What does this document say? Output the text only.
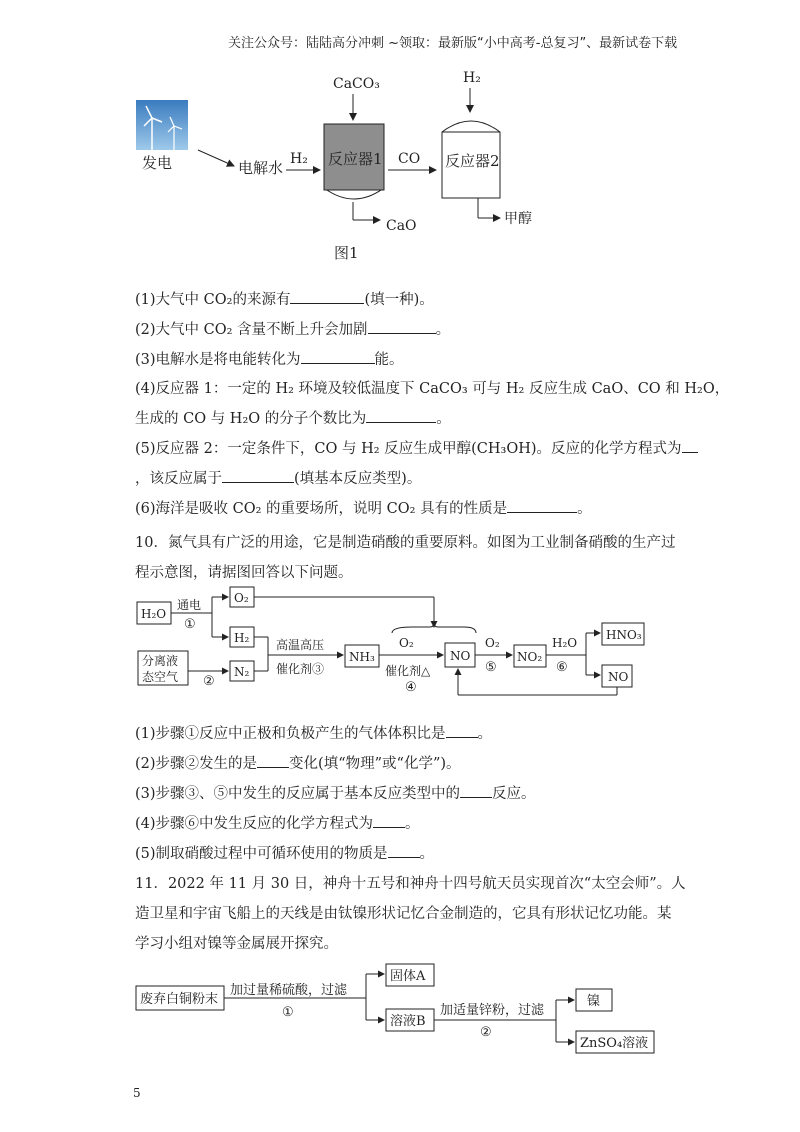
关注公众号：陆陆高分冲刺 ~领取：最新版“小中高考-总复习”、最新试卷下载
发电	电解水 H₂
CaCO₃
反应器1
CaO
CO
H₂
反应器2
甲醇
图1
(1)大气中 CO₂的来源有	(填一种)。
(2)大气中 CO₂ 含量不断上升会加剧	。
(3)电解水是将电能转化为	能。
(4)反应器 1：一定的 H₂ 环境及较低温度下 CaCO₃ 可与 H₂ 反应生成 CaO、CO 和 H₂O，
生成的 CO 与 H₂O 的分子个数比为	。
(5)反应器 2：一定条件下，CO 与 H₂ 反应生成甲醇(CH₃OH)。反应的化学方程式为
，该反应属于	(填基本反应类型)。
(6)海洋是吸收 CO₂ 的重要场所，说明 CO₂ 具有的性质是	。
10．氮气具有广泛的用途，它是制造硝酸的重要原料。如图为工业制备硝酸的生产过
程示意图，请据图回答以下问题。
H₂O
通电
①
O₂
H₂
分离液
态空气 ②
N₂
高温高压
催化剂③
NH₃
O₂
催化剂△
④
NO
O₂
⑤
NO₂
H₂O
⑥
HNO₃
NO
(1)步骤①反应中正极和负极产生的气体体积比是 。
(2)步骤②发生的是 变化(填“物理”或“化学”)。
(3)步骤③、⑤中发生的反应属于基本反应类型中的 反应。
(4)步骤⑥中发生反应的化学方程式为 。
(5)制取硝酸过程中可循环使用的物质是 。
11．2022 年 11 月 30 日，神舟十五号和神舟十四号航天员实现首次“太空会师”。人
造卫星和宇宙飞船上的天线是由钛镍形状记忆合金制造的，它具有形状记忆功能。某
学习小组对镍等金属展开探究。
废弃白铜粉末
加过量稀硫酸，过滤
①
固体A
溶液B
加适量锌粉，过滤
②
镍
ZnSO₄溶液
5
